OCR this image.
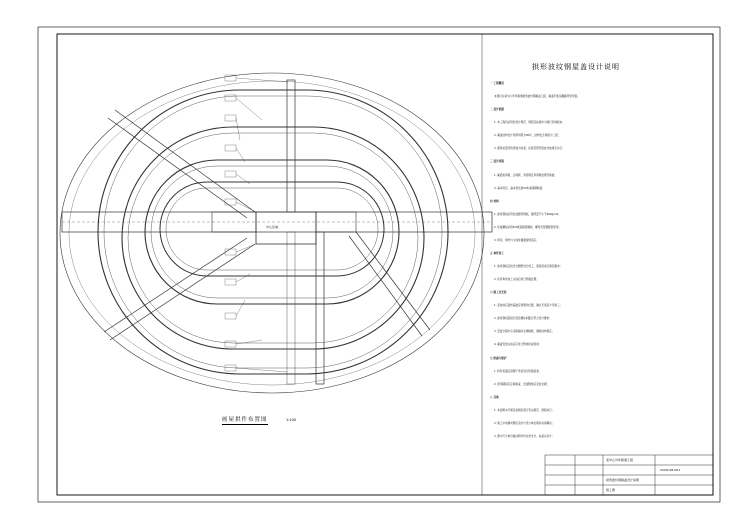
拱形波纹钢屋盖设计说明
一 工程概况
本项目为某中心外环廊道拱形波纹钢屋盖工程，屋盖平面呈椭圆环形布置。
二 设计依据
1. 本工程所采用的设计规范、规程及标准均为现行有效版本；
2. 屋盖结构设计使用年限为50年，结构安全等级为二级；
3. 建筑抗震设防类别为丙类，抗震设防烈度按当地规定执行；
三 设计荷载
1. 屋面恒荷载、活荷载、雪荷载及风荷载按规范取值；
2. 基本风压、基本雪压按50年重现期取值；
四 材料
1. 波纹钢板采用热浸镀锌钢板，镀锌量不小于600g/m2；
2. 连接螺栓采用8.8级高强度螺栓，螺母及垫圈配套使用；
3. 焊条、焊丝与主体金属强度相适应；
五 构件加工
1. 波纹钢板应按设计图纸进行加工，弧度误差应满足要求；
2. 所有构件加工完成后进行防腐处理；
六 施工及安装
1. 安装前应复核基础及预埋件位置，确认无误后方可施工；
2. 波纹钢板搭接长度及螺栓间距应符合设计要求；
3. 安装过程中应采取临时支撑措施，确保结构稳定；
4. 屋盖安装完成后应进行整体检查验收；
七 防腐与维护
1. 构件表面应清理干净后进行防腐涂装；
2. 使用期间应定期检查，发现锈蚀应及时处理；
八 其他
1. 本说明未尽事宜按国家现行有关规范、规程执行；
2. 施工中如遇问题应及时与设计单位联系协商解决；
3. 图中尺寸单位除注明外均以毫米计，标高以米计；
画屋拱件布置图	1:100
中心区域
某中心外环廊道工程
拱形波纹钢屋盖设计说明
CCDS-08-001
施工图
